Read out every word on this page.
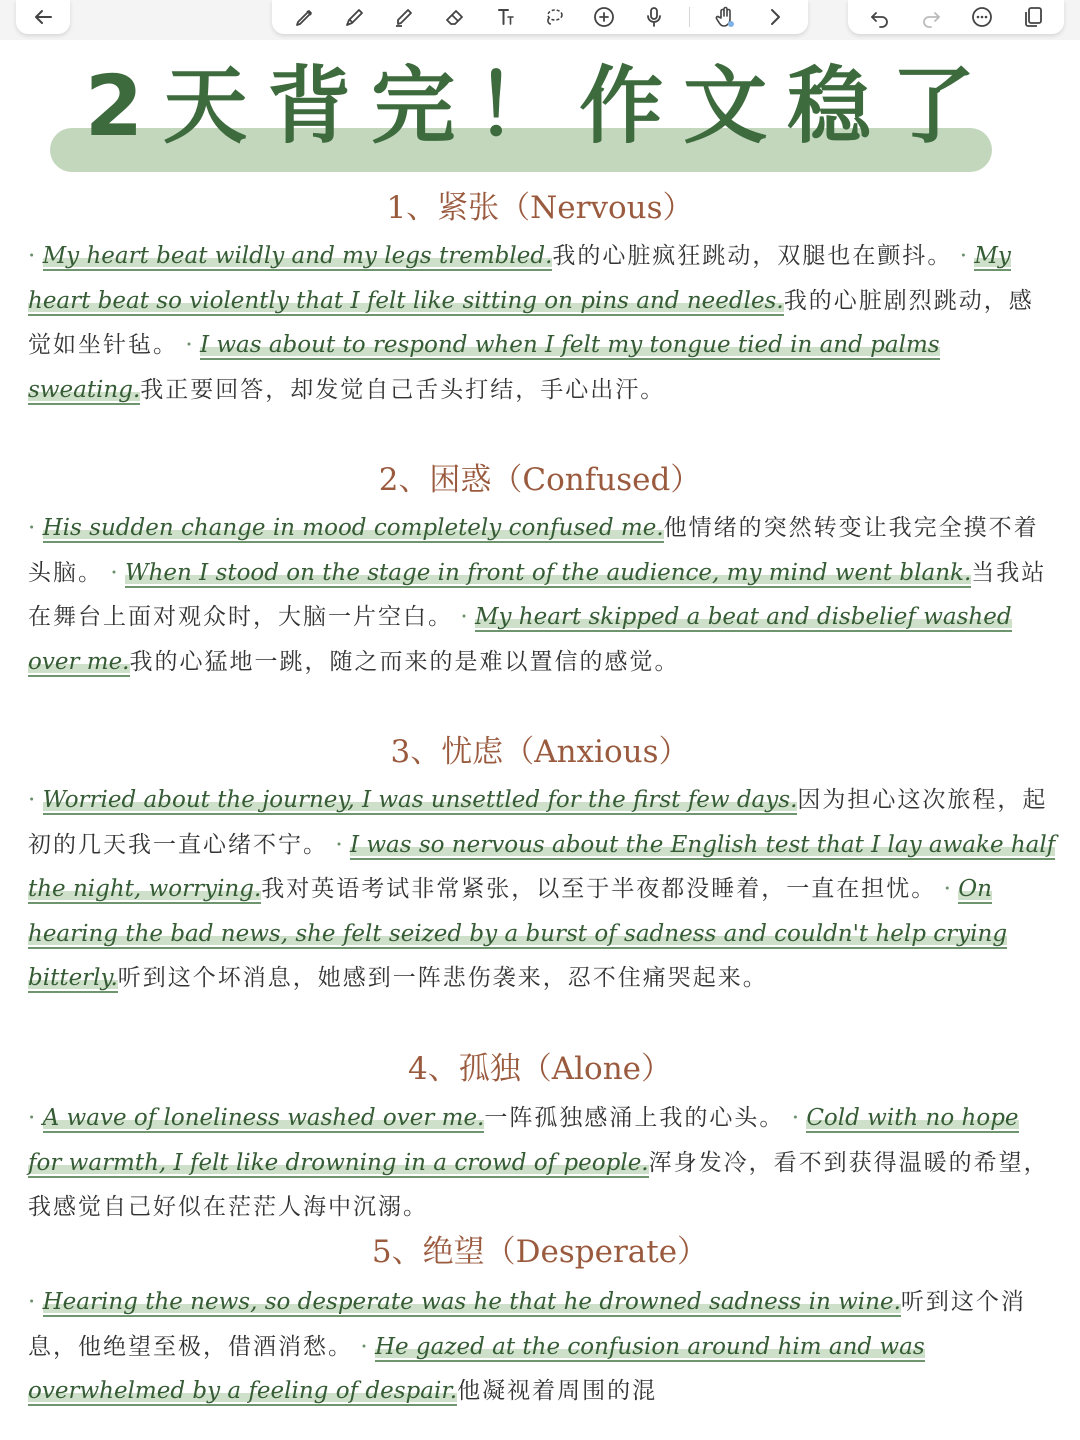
2天背完！作文稳了
1、紧张（Nervous）
· My heart beat wildly and my legs trembled.我的心脏疯狂跳动，双腿也在颤抖。 · My heart beat so violently that I felt like sitting on pins and needles.我的心脏剧烈跳动，感觉如坐针毡。 · I was about to respond when I felt my tongue tied in and palms sweating.我正要回答，却发觉自己舌头打结，手心出汗。
2、困惑（Confused）
· His sudden change in mood completely confused me.他情绪的突然转变让我完全摸不着头脑。 · When I stood on the stage in front of the audience, my mind went blank.当我站在舞台上面对观众时，大脑一片空白。 · My heart skipped a beat and disbelief washed over me.我的心猛地一跳，随之而来的是难以置信的感觉。
3、忧虑（Anxious）
· Worried about the journey, I was unsettled for the first few days.因为担心这次旅程，起初的几天我一直心绪不宁。 · I was so nervous about the English test that I lay awake half the night, worrying.我对英语考试非常紧张，以至于半夜都没睡着，一直在担忧。 · On hearing the bad news, she felt seized by a burst of sadness and couldn't help crying bitterly.听到这个坏消息，她感到一阵悲伤袭来，忍不住痛哭起来。
4、孤独（Alone）
· A wave of loneliness washed over me.一阵孤独感涌上我的心头。 · Cold with no hope for warmth, I felt like drowning in a crowd of people.浑身发冷，看不到获得温暖的希望，我感觉自己好似在茫茫人海中沉溺。
5、绝望（Desperate）
· Hearing the news, so desperate was he that he drowned sadness in wine.听到这个消息，他绝望至极，借酒消愁。 · He gazed at the confusion around him and was overwhelmed by a feeling of despair.他凝视着周围的混
